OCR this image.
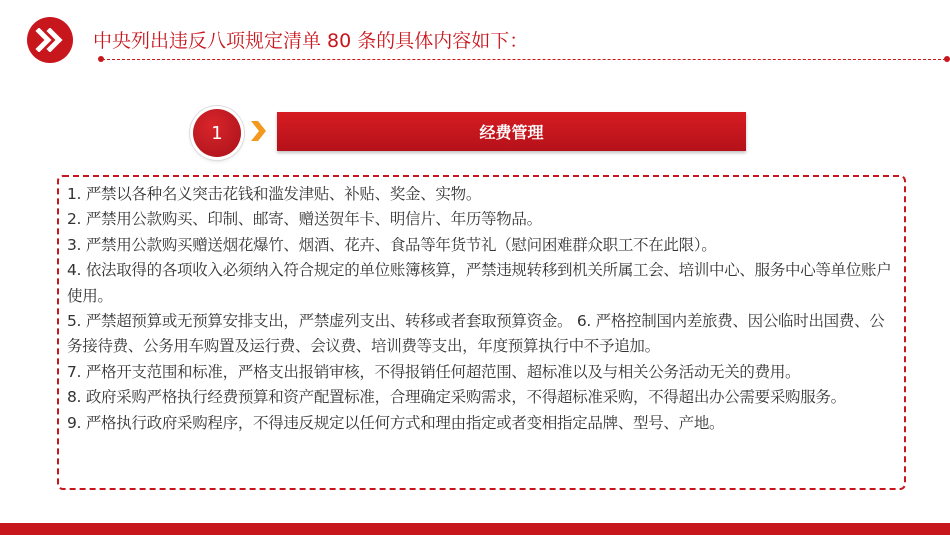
中央列出违反八项规定清单 80 条的具体内容如下：
1	经费管理

1. 严禁以各种名义突击花钱和滥发津贴、补贴、奖金、实物。

2. 严禁用公款购买、印制、邮寄、赠送贺年卡、明信片、年历等物品。

3. 严禁用公款购买赠送烟花爆竹、烟酒、花卉、食品等年货节礼（慰问困难群众职工不在此限）。

4. 依法取得的各项收入必须纳入符合规定的单位账簿核算，严禁违规转移到机关所属工会、培训中心、服务中心等单位账户使用。

5. 严禁超预算或无预算安排支出，严禁虚列支出、转移或者套取预算资金。 6. 严格控制国内差旅费、因公临时出国费、公务接待费、公务用车购置及运行费、会议费、培训费等支出，年度预算执行中不予追加。

7. 严格开支范围和标准，严格支出报销审核，不得报销任何超范围、超标准以及与相关公务活动无关的费用。

8. 政府采购严格执行经费预算和资产配置标准，合理确定采购需求，不得超标准采购，不得超出办公需要采购服务。

9. 严格执行政府采购程序，不得违反规定以任何方式和理由指定或者变相指定品牌、型号、产地。
